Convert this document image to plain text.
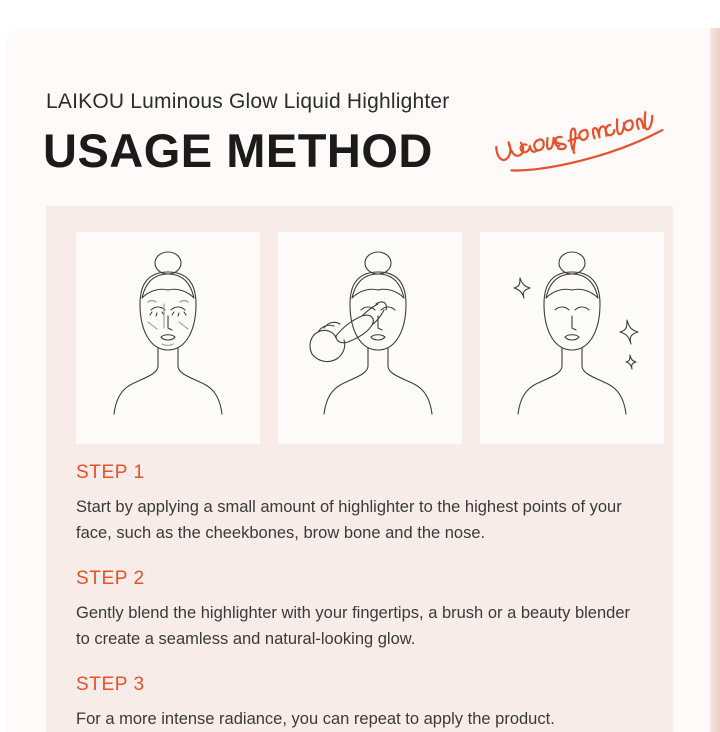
LAIKOU Luminous Glow Liquid Highlighter
USAGE METHOD

STEP 1

Start by applying a small amount of highlighter to the highest points of your face, such as the cheekbones, brow bone and the nose.

STEP 2

Gently blend the highlighter with your fingertips, a brush or a beauty blender to create a seamless and natural-looking glow.

STEP 3

For a more intense radiance, you can repeat to apply the product.
